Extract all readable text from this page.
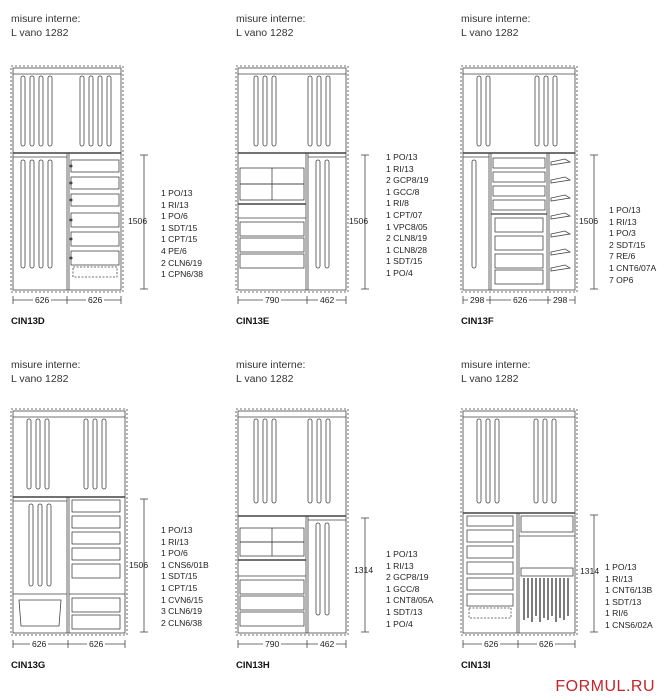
misure interne:
L vano 1282
1506
626	626
1 PO/13
1 RI/13
1 PO/6
1 SDT/15
1 CPT/15
4 PE/6
2 CLN6/19
1 CPN6/38
CIN13D
misure interne:
L vano 1282
1506
790	462
1 PO/13
1 RI/13
2 GCP8/19
1 GCC/8
1 RI/8
1 CPT/07
1 VPC8/05
2 CLN8/19
1 CLN8/28
1 SDT/15
1 PO/4
CIN13E
misure interne:
L vano 1282
1506
298	626	298
1 PO/13
1 RI/13
1 PO/3
2 SDT/15
7 RE/6
1 CNT6/07A
7 OP6
CIN13F
misure interne:
L vano 1282
1506
626	626
1 PO/13
1 RI/13
1 PO/6
1 CNS6/01B
1 SDT/15
1 CPT/15
1 CVN6/15
3 CLN6/19
2 CLN6/38
CIN13G
misure interne:
L vano 1282
1314
790	462
1 PO/13
1 RI/13
2 GCP8/19
1 GCC/8
1 CNT8/05A
1 SDT/13
1 PO/4
CIN13H
misure interne:
L vano 1282
1314
626	626
1 PO/13
1 RI/13
1 CNT6/13B
1 SDT/13
1 RI/6
1 CNS6/02A
CIN13I
FORMUL.RU
